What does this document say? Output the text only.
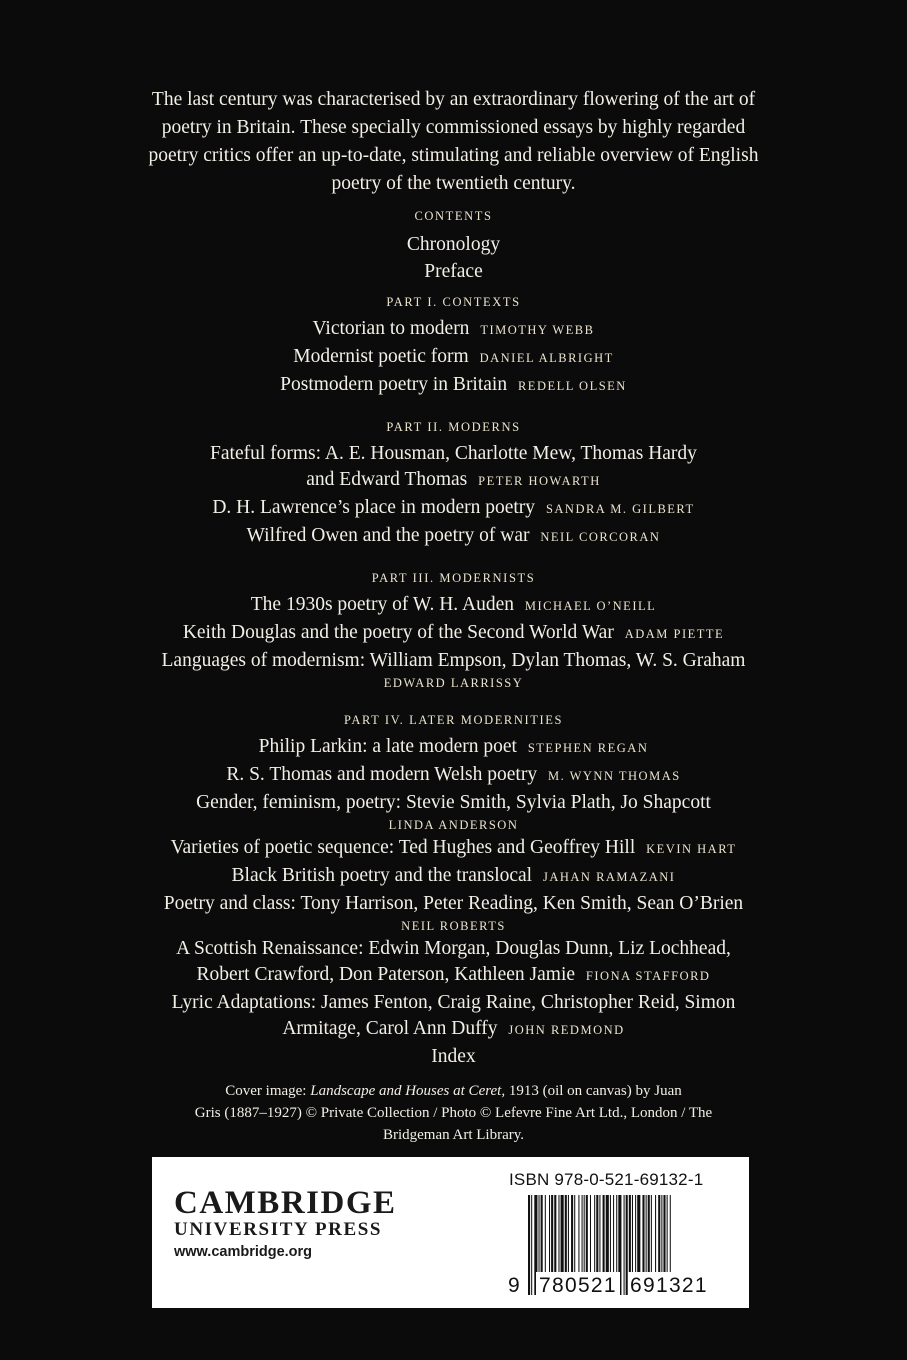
The last century was characterised by an extraordinary flowering of the art of poetry in Britain. These specially commissioned essays by highly regarded poetry critics offer an up-to-date, stimulating and reliable overview of English poetry of the twentieth century.

CONTENTS
Chronology
Preface
PART I. CONTEXTS
Victorian to modern TIMOTHY WEBB
Modernist poetic form DANIEL ALBRIGHT
Postmodern poetry in Britain REDELL OLSEN
PART II. MODERNS
Fateful forms: A. E. Housman, Charlotte Mew, Thomas Hardy
and Edward Thomas PETER HOWARTH
D. H. Lawrence’s place in modern poetry SANDRA M. GILBERT
Wilfred Owen and the poetry of war NEIL CORCORAN
PART III. MODERNISTS
The 1930s poetry of W. H. Auden MICHAEL O’NEILL
Keith Douglas and the poetry of the Second World War ADAM PIETTE
Languages of modernism: William Empson, Dylan Thomas, W. S. Graham
EDWARD LARRISSY
PART IV. LATER MODERNITIES
Philip Larkin: a late modern poet STEPHEN REGAN
R. S. Thomas and modern Welsh poetry M. WYNN THOMAS
Gender, feminism, poetry: Stevie Smith, Sylvia Plath, Jo Shapcott
LINDA ANDERSON
Varieties of poetic sequence: Ted Hughes and Geoffrey Hill KEVIN HART
Black British poetry and the translocal JAHAN RAMAZANI
Poetry and class: Tony Harrison, Peter Reading, Ken Smith, Sean O’Brien
NEIL ROBERTS
A Scottish Renaissance: Edwin Morgan, Douglas Dunn, Liz Lochhead,
Robert Crawford, Don Paterson, Kathleen Jamie FIONA STAFFORD
Lyric Adaptations: James Fenton, Craig Raine, Christopher Reid, Simon
Armitage, Carol Ann Duffy JOHN REDMOND
Index

Cover image: Landscape and Houses at Ceret, 1913 (oil on canvas) by Juan
Gris (1887–1927) © Private Collection / Photo © Lefevre Fine Art Ltd., London / The
Bridgeman Art Library.

CAMBRIDGE
UNIVERSITY PRESS
www.cambridge.org
ISBN 978-0-521-69132-1
9 780521 691321
